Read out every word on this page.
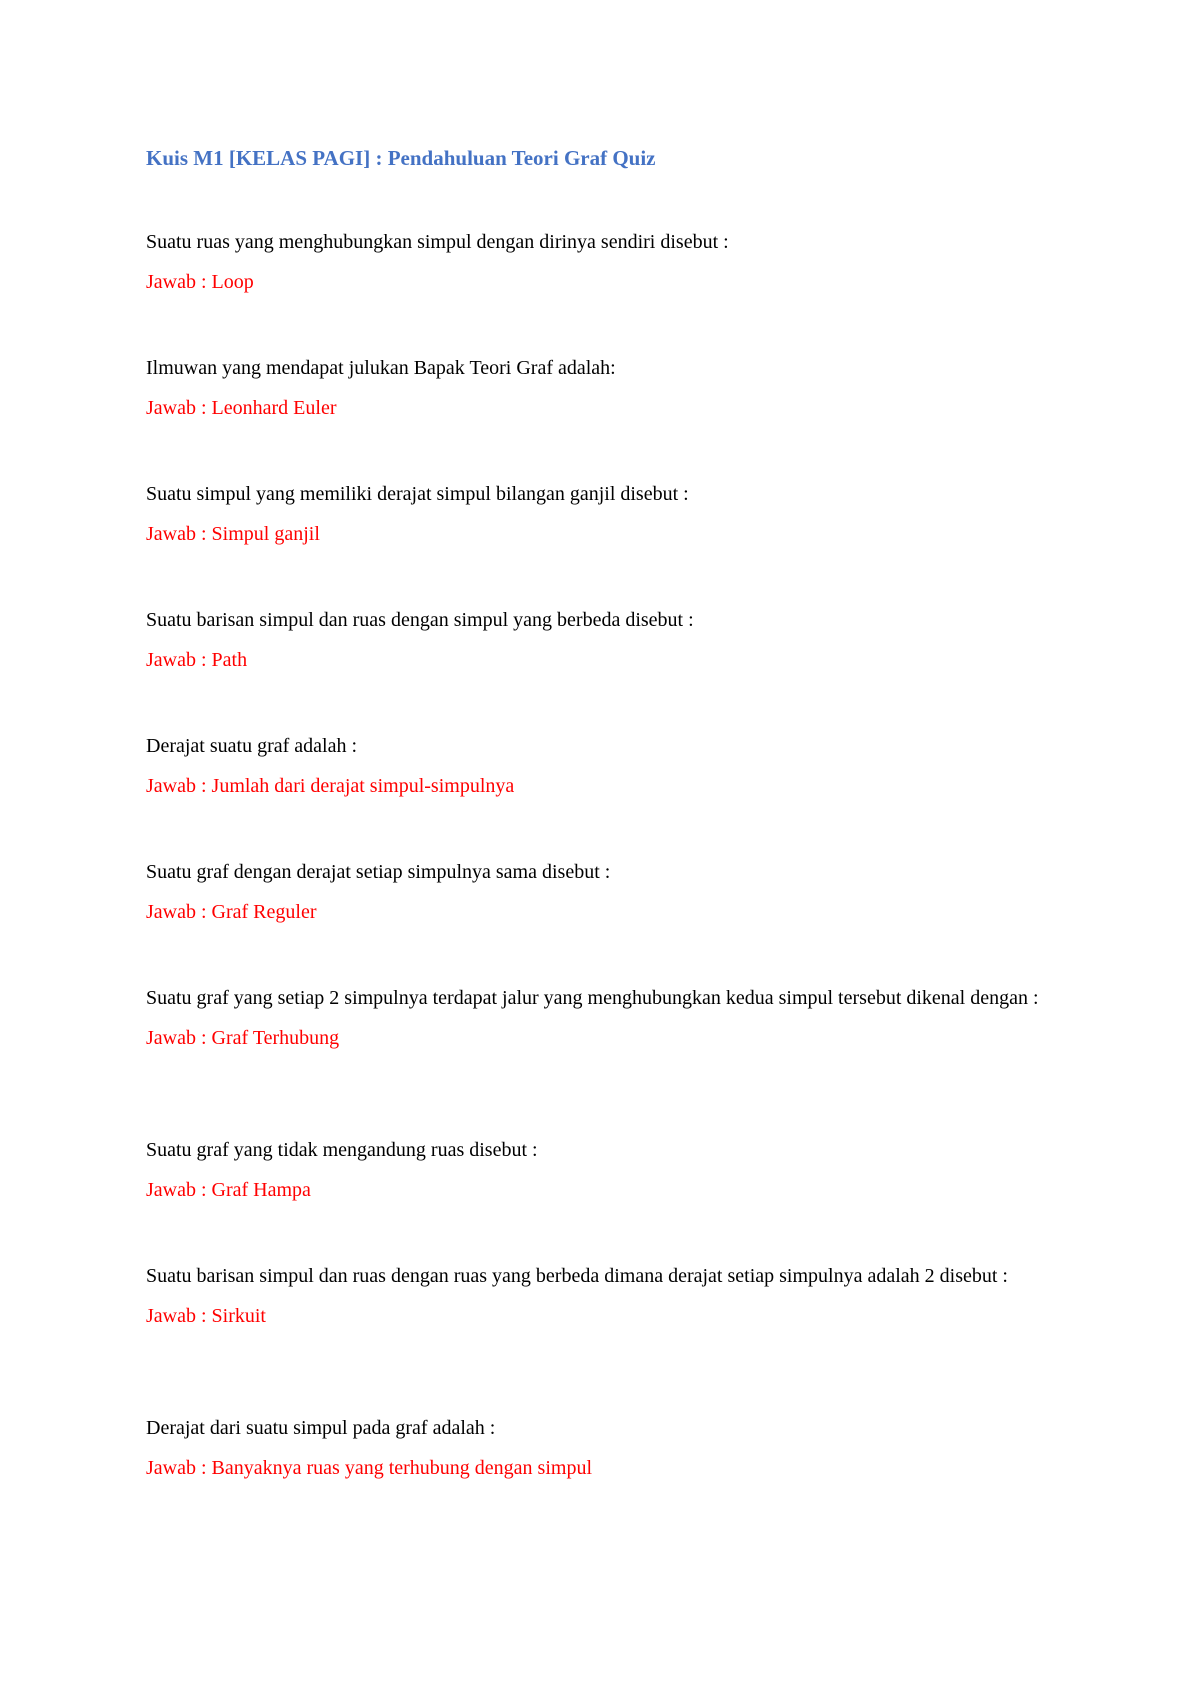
Kuis M1 [KELAS PAGI] : Pendahuluan Teori Graf Quiz

Suatu ruas yang menghubungkan simpul dengan dirinya sendiri disebut :

Jawab : Loop

Ilmuwan yang mendapat julukan Bapak Teori Graf adalah:

Jawab : Leonhard Euler

Suatu simpul yang memiliki derajat simpul bilangan ganjil disebut :

Jawab : Simpul ganjil

Suatu barisan simpul dan ruas dengan simpul yang berbeda disebut :

Jawab : Path

Derajat suatu graf adalah :

Jawab : Jumlah dari derajat simpul-simpulnya

Suatu graf dengan derajat setiap simpulnya sama disebut :

Jawab : Graf Reguler

Suatu graf yang setiap 2 simpulnya terdapat jalur yang menghubungkan kedua simpul tersebut dikenal dengan :

Jawab : Graf Terhubung

Suatu graf yang tidak mengandung ruas disebut :

Jawab : Graf Hampa

Suatu barisan simpul dan ruas dengan ruas yang berbeda dimana derajat setiap simpulnya adalah 2 disebut :

Jawab : Sirkuit

Derajat dari suatu simpul pada graf adalah :

Jawab : Banyaknya ruas yang terhubung dengan simpul
